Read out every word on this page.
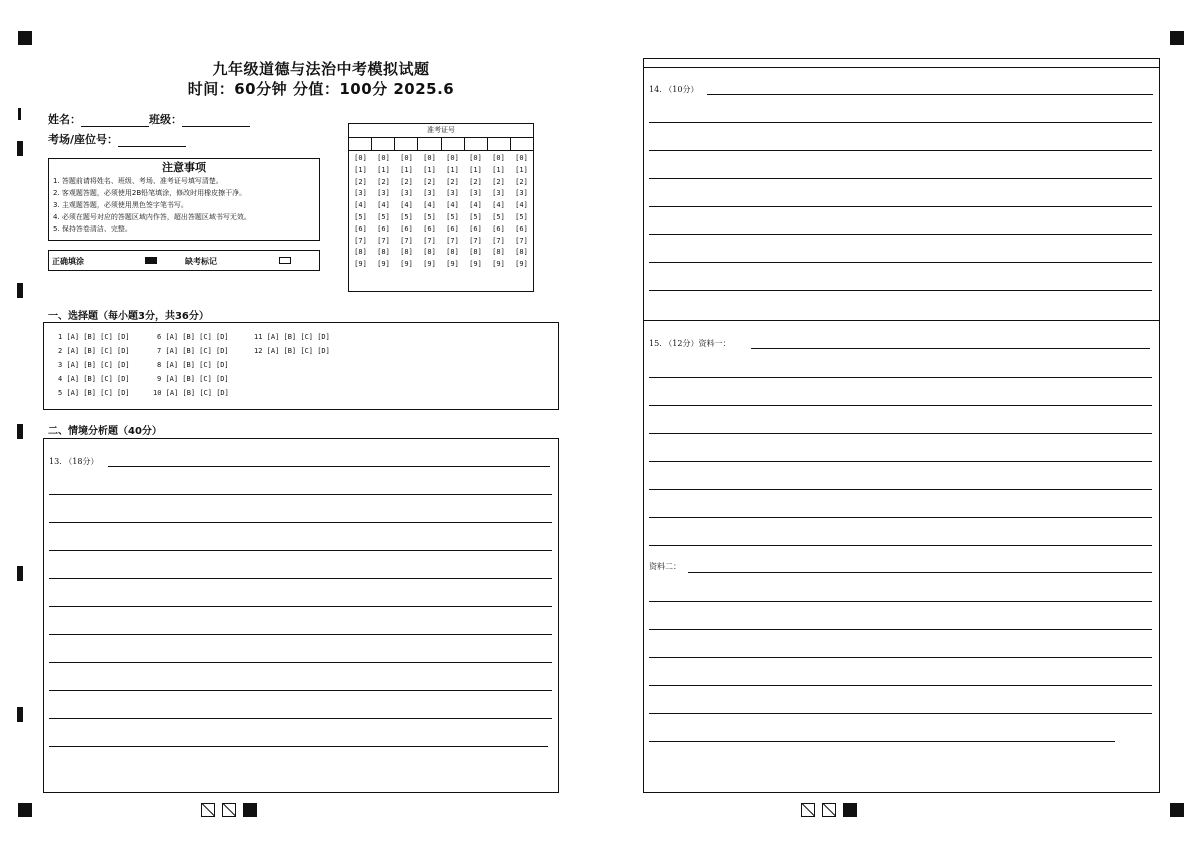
九年级道德与法治中考模拟试题
时间：60分钟 分值：100分 2025.6
姓名：	班级：
考场/座位号：
注意事项
1. 答题前请将姓名、班级、考场、准考证号填写清楚。
2. 客观题答题，必须使用2B铅笔填涂，修改时用橡皮擦干净。
3. 主观题答题，必须使用黑色签字笔书写。
4. 必须在题号对应的答题区域内作答，超出答题区域书写无效。
5. 保持答卷清洁、完整。
正确填涂	缺考标记
准考证号
[0]
[1]
[2]
[3]
[4]
[5]
[6]
[7]
[8]
[9]
[0]
[1]
[2]
[3]
[4]
[5]
[6]
[7]
[8]
[9]
[0]
[1]
[2]
[3]
[4]
[5]
[6]
[7]
[8]
[9]
[0]
[1]
[2]
[3]
[4]
[5]
[6]
[7]
[8]
[9]
[0]
[1]
[2]
[3]
[4]
[5]
[6]
[7]
[8]
[9]
[0]
[1]
[2]
[3]
[4]
[5]
[6]
[7]
[8]
[9]
[0]
[1]
[2]
[3]
[4]
[5]
[6]
[7]
[8]
[9]
[0]
[1]
[2]
[3]
[4]
[5]
[6]
[7]
[8]
[9]
一、选择题（每小题3分，共36分）
1 [A] [B] [C] [D]
2 [A] [B] [C] [D]
3 [A] [B] [C] [D]
4 [A] [B] [C] [D]
5 [A] [B] [C] [D]
6 [A] [B] [C] [D]
7 [A] [B] [C] [D]
8 [A] [B] [C] [D]
9 [A] [B] [C] [D]
10 [A] [B] [C] [D]
11 [A] [B] [C] [D]
12 [A] [B] [C] [D]
二、情境分析题（40分）
13. （18分）
14. （10分）
15. （12分）资料一：
资料二：
